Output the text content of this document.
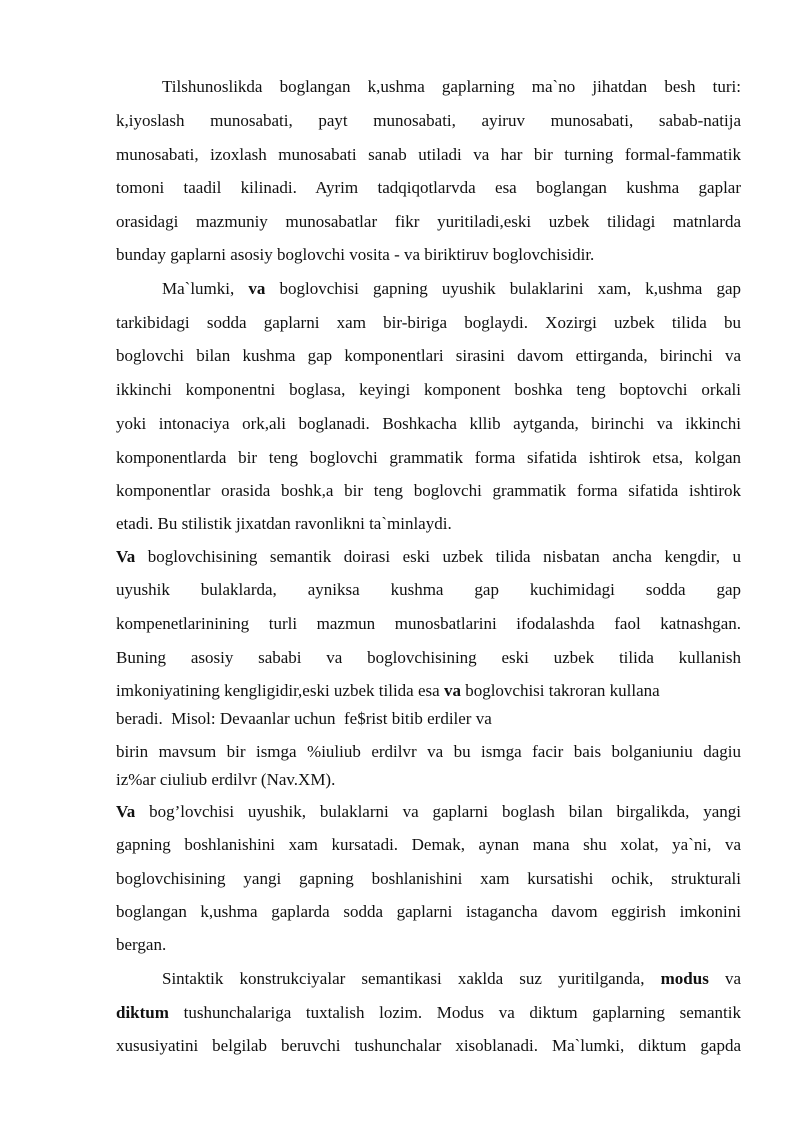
Tilshunoslikda boglangan k,ushma gaplarning ma`no jihatdan besh turi:
k,iyoslash munosabati, payt munosabati, ayiruv munosabati, sabab-natija
munosabati, izoxlash munosabati sanab utiladi va har bir turning formal-fammatik
tomoni taadil kilinadi. Ayrim tadqiqotlarvda esa boglangan kushma gaplar
orasidagi mazmuniy munosabatlar fikr yuritiladi,eski uzbek tilidagi matnlarda
bunday gaplarni asosiy boglovchi vosita - va biriktiruv boglovchisidir.
Ma`lumki, va boglovchisi gapning uyushik bulaklarini xam, k,ushma gap
tarkibidagi sodda gaplarni xam bir-biriga boglaydi. Xozirgi uzbek tilida bu
boglovchi bilan kushma gap komponentlari sirasini davom ettirganda, birinchi va
ikkinchi komponentni boglasa, keyingi komponent boshka teng boptovchi orkali
yoki intonaciya ork,ali boglanadi. Boshkacha kllib aytganda, birinchi va ikkinchi
komponentlarda bir teng boglovchi grammatik forma sifatida ishtirok etsa, kolgan
komponentlar orasida boshk,a bir teng boglovchi grammatik forma sifatida ishtirok
etadi. Bu stilistik jixatdan ravonlikni ta`minlaydi.
Va boglovchisining semantik doirasi eski uzbek tilida nisbatan ancha kengdir, u
uyushik bulaklarda, ayniksa kushma gap kuchimidagi sodda gap
kompenetlarinining turli mazmun munosbatlarini ifodalashda faol katnashgan.
Buning asosiy sababi va boglovchisining eski uzbek tilida kullanish
imkoniyatining kengligidir,eski uzbek tilida esa va boglovchisi takroran kullana
beradi.  Misol: Devaanlar uchun  fe$rist bitib erdiler va
birin mavsum bir ismga %iuliub erdilvr va bu ismga facir bais bolganiuniu dagiu
iz%ar ciuliub erdilvr (Nav.XM).
Va bog’lovchisi uyushik, bulaklarni va gaplarni boglash bilan birgalikda, yangi
gapning boshlanishini xam kursatadi. Demak, aynan mana shu xolat, ya`ni, va
boglovchisining yangi gapning boshlanishini xam kursatishi ochik, strukturali
boglangan k,ushma gaplarda sodda gaplarni istagancha davom eggirish imkonini
bergan.
Sintaktik konstrukciyalar semantikasi xaklda suz yuritilganda, modus va
diktum tushunchalariga tuxtalish lozim. Modus va diktum gaplarning semantik
xususiyatini belgilab beruvchi tushunchalar xisoblanadi. Ma`lumki, diktum gapda
